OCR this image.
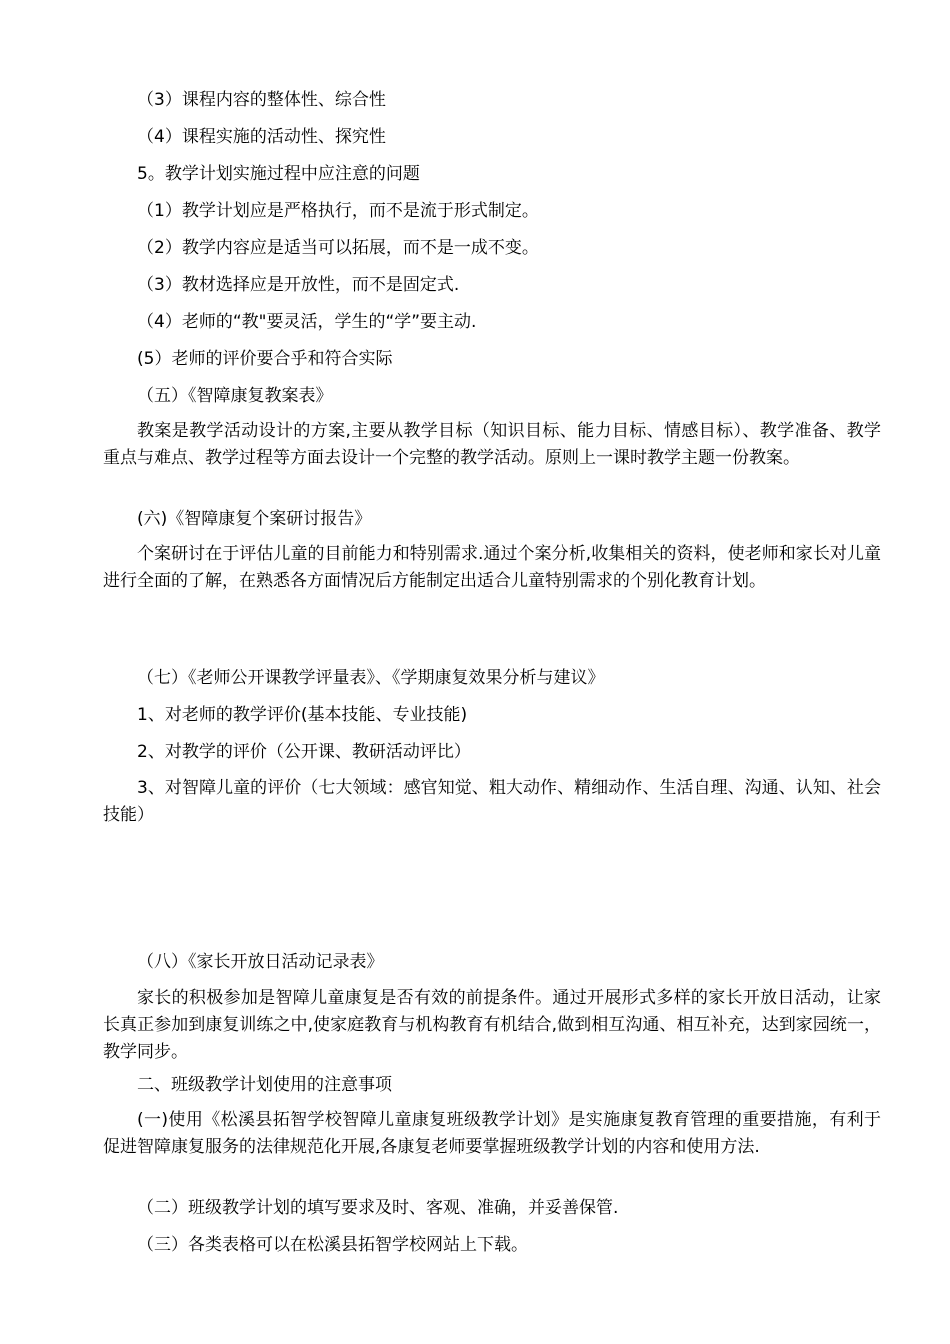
（3）课程内容的整体性、综合性
（4）课程实施的活动性、探究性
5。教学计划实施过程中应注意的问题
（1）教学计划应是严格执行，而不是流于形式制定。
（2）教学内容应是适当可以拓展，而不是一成不变。
（3）教材选择应是开放性，而不是固定式.
（4）老师的“教"要灵活，学生的“学”要主动.
(5）老师的评价要合乎和符合实际
（五）《智障康复教案表》
教案是教学活动设计的方案,主要从教学目标（知识目标、能力目标、情感目标）、教学准备、教学重点与难点、教学过程等方面去设计一个完整的教学活动。原则上一课时教学主题一份教案。
(六)《智障康复个案研讨报告》
个案研讨在于评估儿童的目前能力和特别需求.通过个案分析,收集相关的资料，使老师和家长对儿童进行全面的了解，在熟悉各方面情况后方能制定出适合儿童特别需求的个别化教育计划。
（七）《老师公开课教学评量表》、《学期康复效果分析与建议》
1、对老师的教学评价(基本技能、专业技能)
2、对教学的评价（公开课、教研活动评比）
3、对智障儿童的评价（七大领域：感官知觉、粗大动作、精细动作、生活自理、沟通、认知、社会技能）
（八）《家长开放日活动记录表》
家长的积极参加是智障儿童康复是否有效的前提条件。通过开展形式多样的家长开放日活动，让家长真正参加到康复训练之中,使家庭教育与机构教育有机结合,做到相互沟通、相互补充，达到家园统一，教学同步。
二、班级教学计划使用的注意事项
(一)使用《松溪县拓智学校智障儿童康复班级教学计划》是实施康复教育管理的重要措施，有利于促进智障康复服务的法律规范化开展,各康复老师要掌握班级教学计划的内容和使用方法.
（二）班级教学计划的填写要求及时、客观、准确，并妥善保管.
（三）各类表格可以在松溪县拓智学校网站上下载。
